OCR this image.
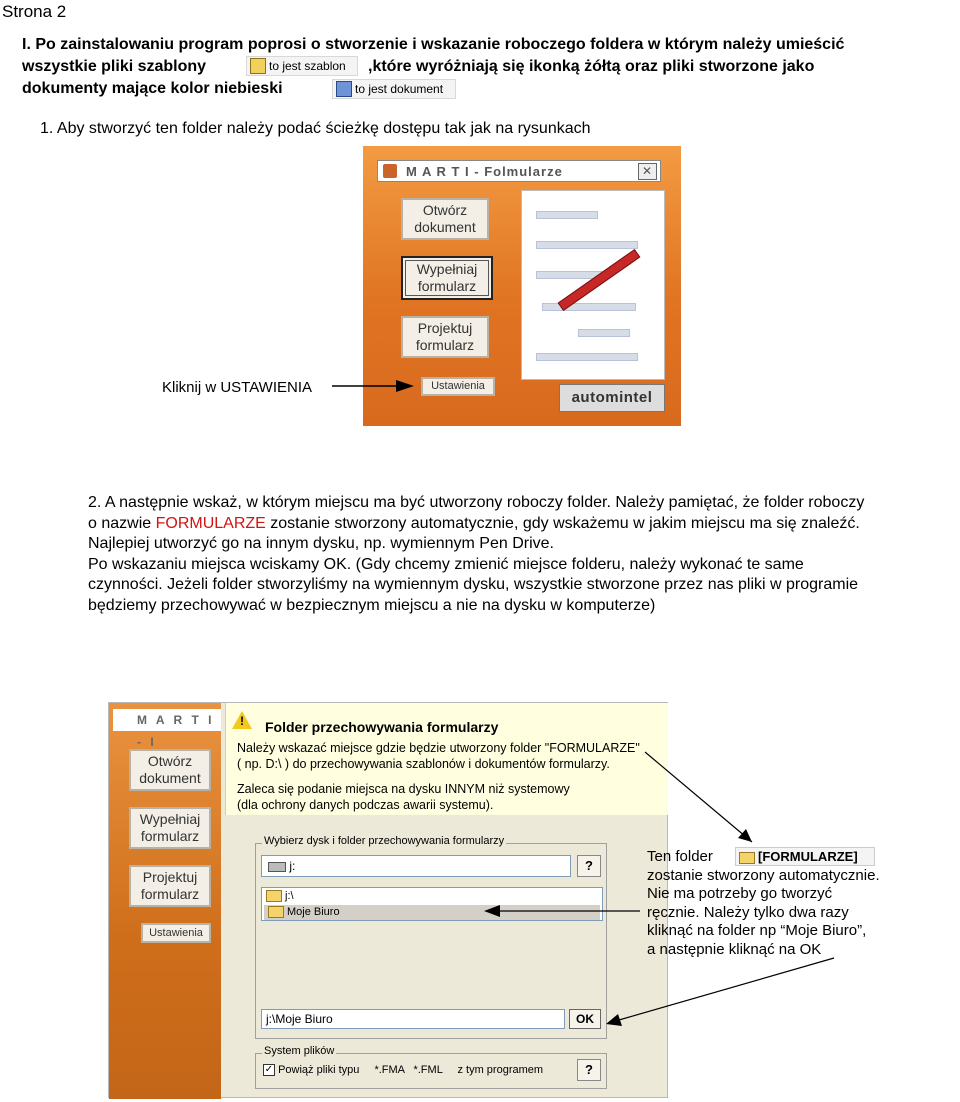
Strona 2
I. Po zainstalowaniu program poprosi o stworzenie i wskazanie roboczego foldera w którym należy umieścić
wszystkie pliki szablony	to jest szablon ,które wyróżniają się ikonką żółtą oraz pliki stworzone jako
dokumenty mające kolor niebieski	to jest dokument
1. Aby stworzyć ten folder należy podać ścieżkę dostępu tak jak na rysunkach
M A R T I - Folmularze	✕
Otwórz dokument
Wypełniaj formularz
Projektuj formularz
Ustawienia
automintel
Kliknij w USTAWIENIA

2. A następnie wskaż, w którym miejscu ma być utworzony roboczy folder. Należy pamiętać, że folder roboczy

o nazwie FORMULARZE zostanie stworzony automatycznie, gdy wskażemu w jakim miejscu ma się znaleźć.

Najlepiej utworzyć go na innym dysku, np. wymiennym Pen Drive.

Po wskazaniu miejsca wciskamy OK. (Gdy chcemy zmienić miejsce folderu, należy wykonać te same

czynności. Jeżeli folder stworzyliśmy na wymiennym dysku, wszystkie stworzone przez nas pliki w programie

będziemy przechowywać w bezpiecznym miejscu a nie na dysku w komputerze)

M A R T I - I
Otwórz dokument
Wypełniaj formularz
Projektuj formularz
Ustawienia
! Folder przechowywania formularzy
Należy wskazać miejsce gdzie będzie utworzony folder "FORMULARZE"
( np. D:\ ) do przechowywania szablonów i dokumentów formularzy.
Zaleca się podanie miejsca na dysku INNYM niż systemowy
(dla ochrony danych podczas awarii systemu).
Wybierz dysk i folder przechowywania formularzy
j:	?
j:\
Moje Biuro
j:\Moje Biuro	OK
System plików
✓ Powiąż pliki typu *.FMA *.FML z tym programem	?
Ten folder
zostanie stworzony automatycznie.
Nie ma potrzeby go tworzyć
ręcznie. Należy tylko dwa razy
kliknąć na folder np “Moje Biuro”,
a następnie kliknąć na OK
[FORMULARZE]
